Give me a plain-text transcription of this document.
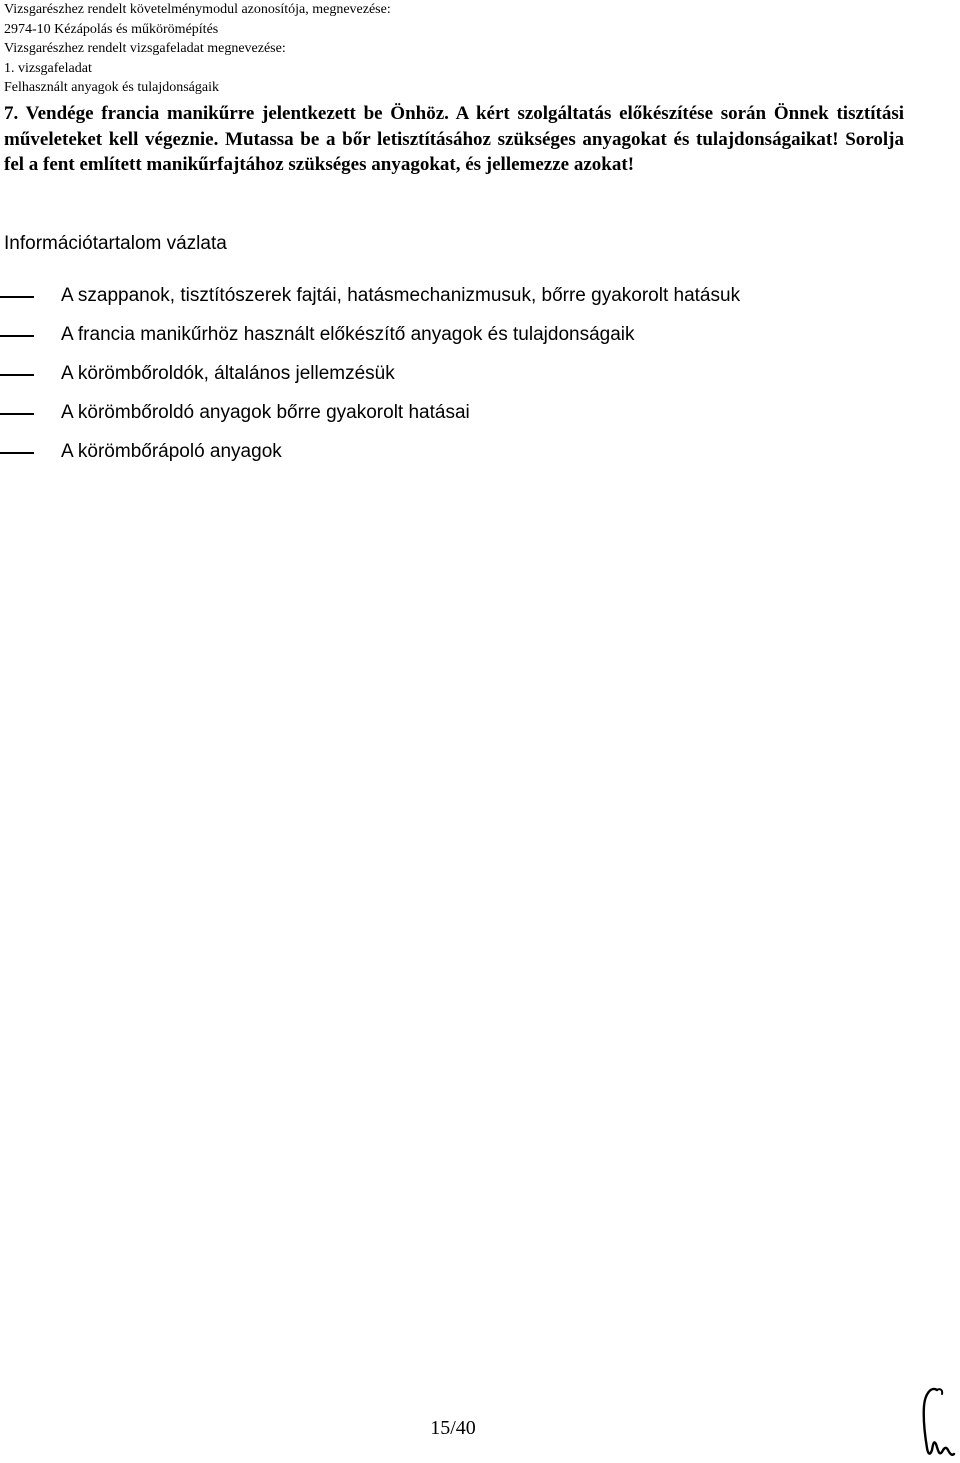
Vizsgarészhez rendelt követelménymodul azonosítója, megnevezése:
2974-10 Kézápolás és műkörömépítés
Vizsgarészhez rendelt vizsgafeladat megnevezése:
1. vizsgafeladat
Felhasznált anyagok és tulajdonságaik
7. Vendége francia manikűrre jelentkezett be Önhöz. A kért szolgáltatás előkészítése során Önnek tisztítási műveleteket kell végeznie. Mutassa be a bőr letisztításához szükséges anyagokat és tulajdonságaikat! Sorolja fel a fent említett manikűrfajtához szükséges anyagokat, és jellemezze azokat!
Információtartalom vázlata
A szappanok, tisztítószerek fajtái, hatásmechanizmusuk, bőrre gyakorolt hatásuk
A francia manikűrhöz használt előkészítő anyagok és tulajdonságaik
A körömbőroldók, általános jellemzésük
A körömbőroldó anyagok bőrre gyakorolt hatásai
A körömbőrápoló anyagok
15/40
